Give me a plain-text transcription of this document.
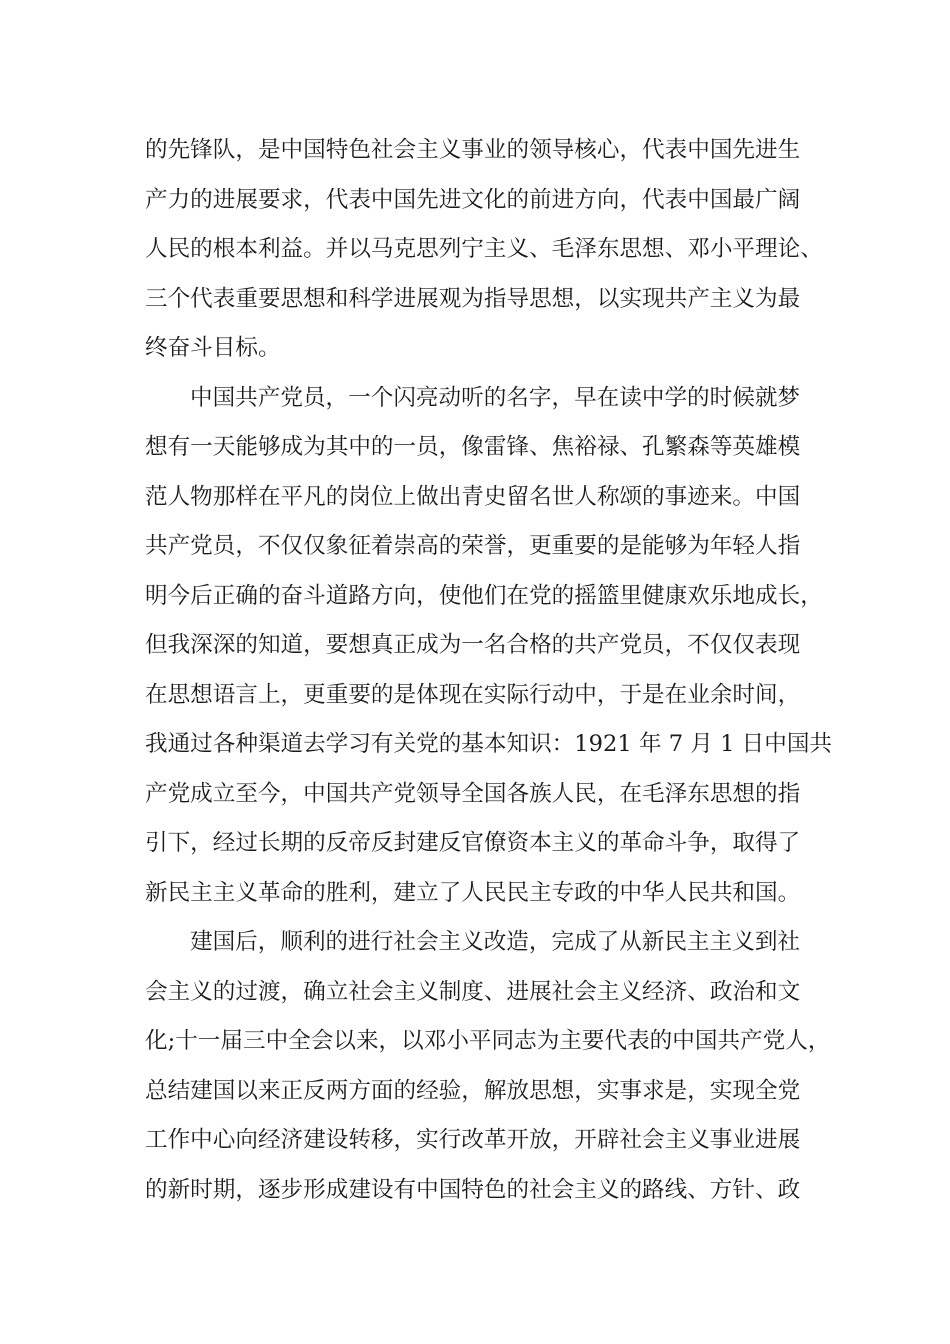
的先锋队，是中国特色社会主义事业的领导核心，代表中国先进生
产力的进展要求，代表中国先进文化的前进方向，代表中国最广阔
人民的根本利益。并以马克思列宁主义、毛泽东思想、邓小平理论、
三个代表重要思想和科学进展观为指导思想，以实现共产主义为最
终奋斗目标。
中国共产党员，一个闪亮动听的名字，早在读中学的时候就梦
想有一天能够成为其中的一员，像雷锋、焦裕禄、孔繁森等英雄模
范人物那样在平凡的岗位上做出青史留名世人称颂的事迹来。中国
共产党员，不仅仅象征着崇高的荣誉，更重要的是能够为年轻人指
明今后正确的奋斗道路方向，使他们在党的摇篮里健康欢乐地成长，
但我深深的知道，要想真正成为一名合格的共产党员，不仅仅表现
在思想语言上，更重要的是体现在实际行动中，于是在业余时间，
我通过各种渠道去学习有关党的基本知识：1921 年 7 月 1 日中国共
产党成立至今，中国共产党领导全国各族人民，在毛泽东思想的指
引下，经过长期的反帝反封建反官僚资本主义的革命斗争，取得了
新民主主义革命的胜利，建立了人民民主专政的中华人民共和国。
建国后，顺利的进行社会主义改造，完成了从新民主主义到社
会主义的过渡，确立社会主义制度、进展社会主义经济、政治和文
化;十一届三中全会以来，以邓小平同志为主要代表的中国共产党人，
总结建国以来正反两方面的经验，解放思想，实事求是，实现全党
工作中心向经济建设转移，实行改革开放，开辟社会主义事业进展
的新时期，逐步形成建设有中国特色的社会主义的路线、方针、政
